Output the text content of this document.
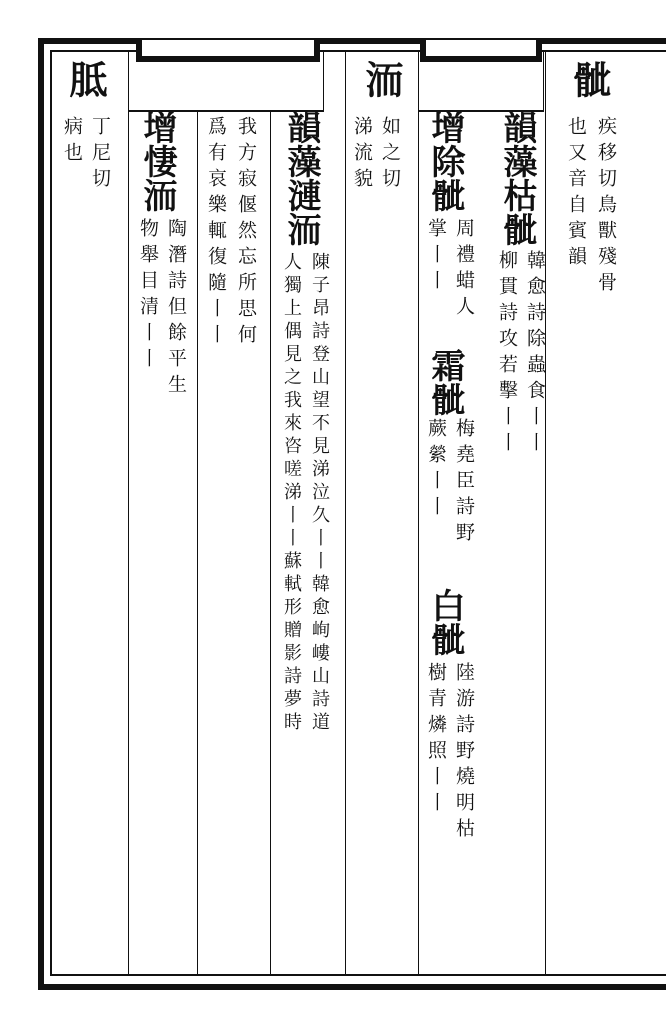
骴
疾移切鳥獸殘骨
也又音自賓韻
韻藻
枯
骴
韓愈詩除蟲食丨丨
柳貫詩攻若擊丨丨
增
除
骴
周禮蜡人
掌丨丨
霜
骴
梅堯臣詩野
蕨縈丨丨
白
骴
陸游詩野燒明枯
樹青燐照丨丨
洏
如之切
涕流貌
韻藻
漣
洏
陳子昂詩登山望不見涕泣久丨丨韓愈峋嶁山詩道
人獨上偶見之我來咨嗟涕丨丨蘇軾形贈影詩夢時
我方寂偃然忘所思何
爲有哀樂輒復隨丨丨
增
悽
洏
陶潛詩但餘平生
物舉目清丨丨
胝
丁尼切
病也
